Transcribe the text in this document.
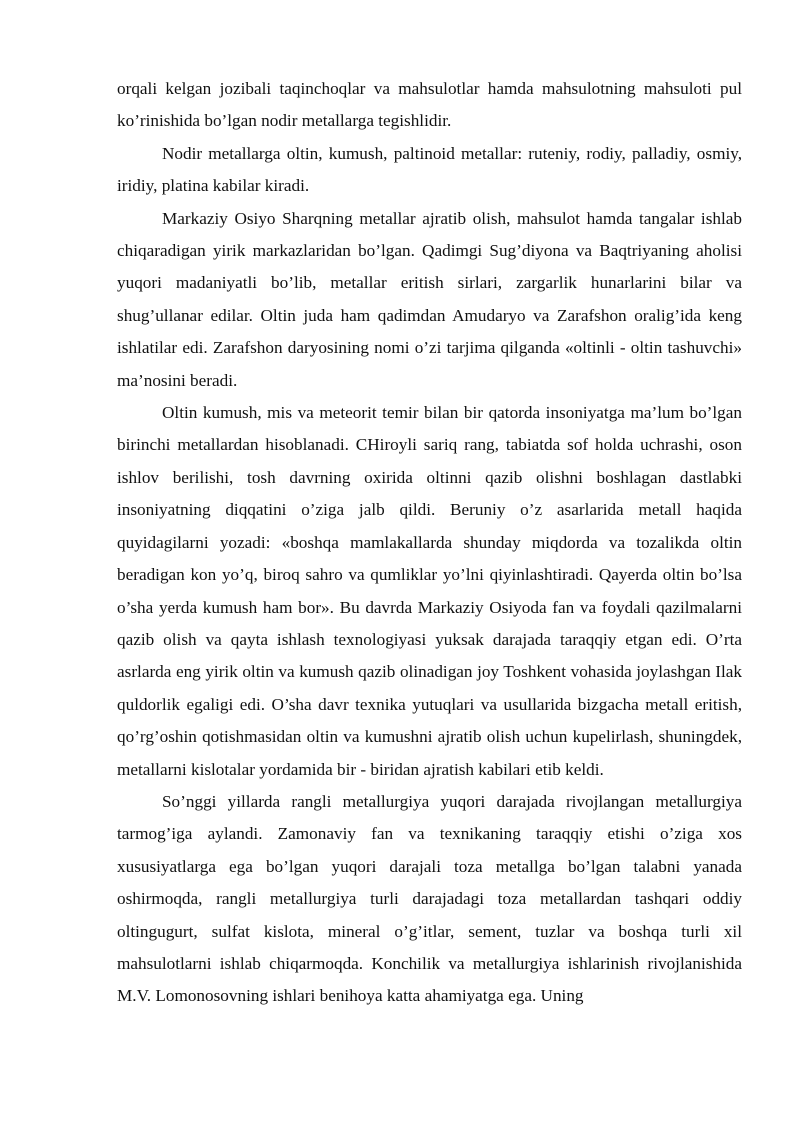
orqali kelgan jozibali taqinchoqlar va mahsulotlar hamda mahsulotning mahsuloti pul ko’rinishida bo’lgan nodir metallarga tegishlidir.

Nodir metallarga oltin, kumush, paltinoid metallar: ruteniy, rodiy, palladiy, osmiy, iridiy, platina kabilar kiradi.

Markaziy Osiyo Sharqning metallar ajratib olish, mahsulot hamda tangalar ishlab chiqaradigan yirik markazlaridan bo’lgan. Qadimgi Sug’diyona va Baqtriyaning aholisi yuqori madaniyatli bo’lib, metallar eritish sirlari, zargarlik hunarlarini bilar va shug’ullanar edilar. Oltin juda ham qadimdan Amudaryo va Zarafshon oralig’ida keng ishlatilar edi. Zarafshon daryosining nomi o’zi tarjima qilganda «oltinli - oltin tashuvchi» ma’nosini beradi.

Oltin kumush, mis va meteorit temir bilan bir qatorda insoniyatga ma’lum bo’lgan birinchi metallardan hisoblanadi. CHiroyli sariq rang, tabiatda sof holda uchrashi, oson ishlov berilishi, tosh davrning oxirida oltinni qazib olishni boshlagan dastlabki insoniyatning diqqatini o’ziga jalb qildi. Beruniy o’z asarlarida metall haqida quyidagilarni yozadi: «boshqa mamlakallarda shunday miqdorda va tozalikda oltin beradigan kon yo’q, biroq sahro va qumliklar yo’lni qiyinlashtiradi. Qayerda oltin bo’lsa o’sha yerda kumush ham bor». Bu davrda Markaziy Osiyoda fan va foydali qazilmalarni qazib olish va qayta ishlash texnologiyasi yuksak darajada taraqqiy etgan edi. O’rta asrlarda eng yirik oltin va kumush qazib olinadigan joy Toshkent vohasida joylashgan Ilak quldorlik egaligi edi. O’sha davr texnika yutuqlari va usullarida bizgacha metall eritish, qo’rg’oshin qotishmasidan oltin va kumushni ajratib olish uchun kupelirlash, shuningdek, metallarni kislotalar yordamida bir - biridan ajratish kabilari etib keldi.

So’nggi yillarda rangli metallurgiya yuqori darajada rivojlangan metallurgiya tarmog’iga aylandi. Zamonaviy fan va texnikaning taraqqiy etishi o’ziga xos xususiyatlarga ega bo’lgan yuqori darajali toza metallga bo’lgan talabni yanada oshirmoqda, rangli metallurgiya turli darajadagi toza metallardan tashqari oddiy oltingugurt, sulfat kislota, mineral o’g’itlar, sement, tuzlar va boshqa turli xil mahsulotlarni ishlab chiqarmoqda. Konchilik va metallurgiya ishlarinish rivojlanishida M.V. Lomonosovning ishlari benihoya katta ahamiyatga ega. Uning
